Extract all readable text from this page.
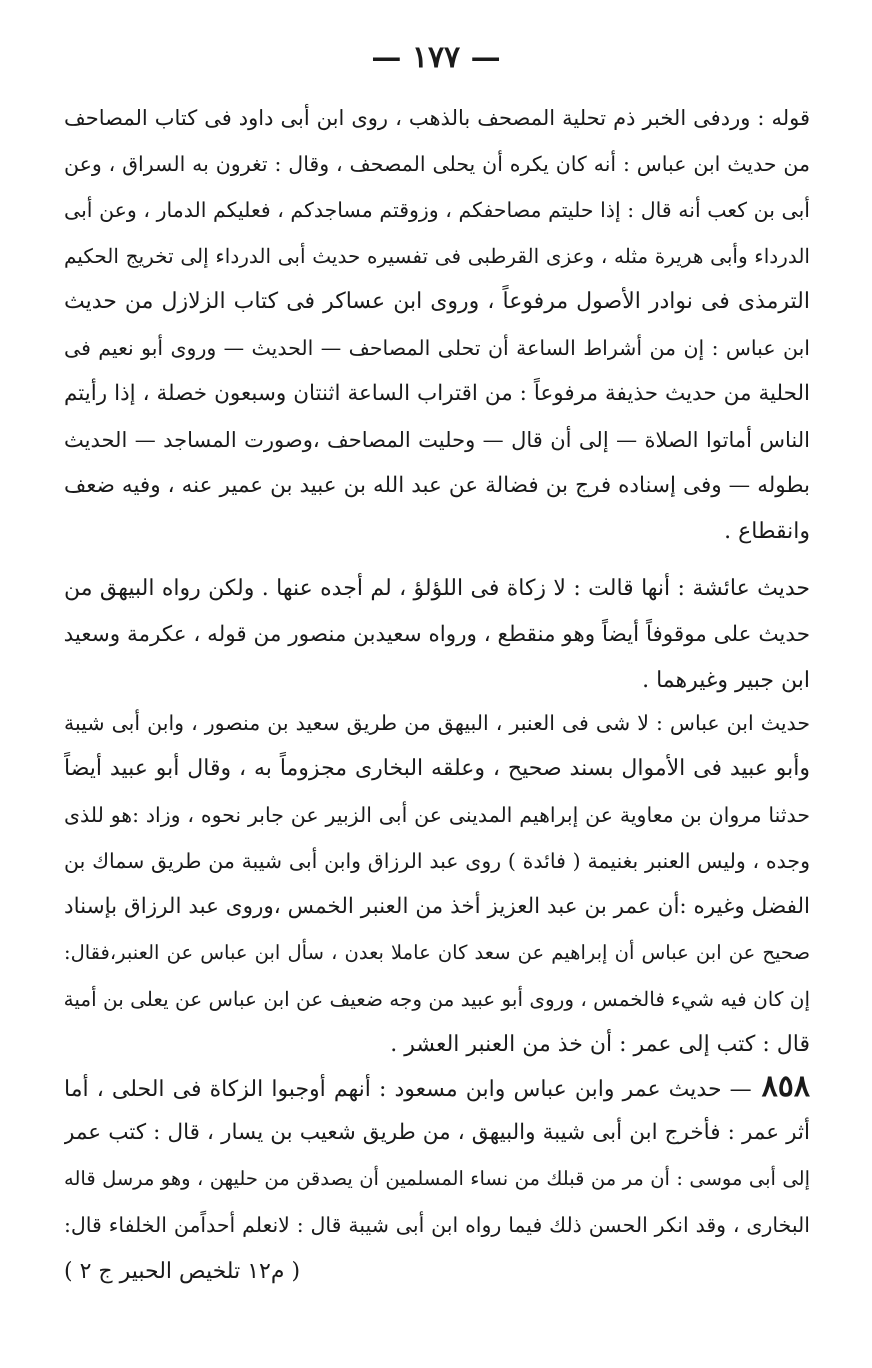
— ١٧٧ —
قوله : وردفى الخبر ذم تحلية المصحف بالذهب ، روى ابن أبى داود فى كتاب المصاحف
من حديث ابن عباس : أنه كان يكره أن يحلى المصحف ، وقال : تغرون به السراق ، وعن
أبى بن كعب أنه قال : إذا حليتم مصاحفكم ، وزوقتم مساجدكم ، فعليكم الدمار ، وعن أبى
الدرداء وأبى هريرة مثله ، وعزى القرطبى فى تفسيره حديث أبى الدرداء إلى تخريج الحكيم
الترمذى فى نوادر الأصول مرفوعاً ، وروى ابن عساكر فى كتاب الزلازل من حديث
ابن عباس : إن من أشراط الساعة أن تحلى المصاحف — الحديث — وروى أبو نعيم فى
الحلية من حديث حذيفة مرفوعاً : من اقتراب الساعة اثنتان وسبعون خصلة ، إذا رأيتم
الناس أماتوا الصلاة — إلى أن قال — وحليت المصاحف ،وصورت المساجد — الحديث
بطوله — وفى إسناده فرج بن فضالة عن عبد الله بن عبيد بن عمير عنه ، وفيه ضعف
وانقطاع .
حديث عائشة : أنها قالت : لا زكاة فى اللؤلؤ ، لم أجده عنها . ولكن رواه البيهق من
حديث على موقوفاً أيضاً وهو منقطع ، ورواه سعيدبن منصور من قوله ، عكرمة وسعيد
ابن جبير وغيرهما .
حديث ابن عباس : لا شى فى العنبر ، البيهق من طريق سعيد بن منصور ، وابن أبى شيبة
وأبو عبيد فى الأموال بسند صحيح ، وعلقه البخارى مجزوماً به ، وقال أبو عبيد أيضاً
حدثنا مروان بن معاوية عن إبراهيم المدينى عن أبى الزبير عن جابر نحوه ، وزاد :هو للذى
وجده ، وليس العنبر بغنيمة ( فائدة ) روى عبد الرزاق وابن أبى شيبة من طريق سماك بن
الفضل وغيره :أن عمر بن عبد العزيز أخذ من العنبر الخمس ،وروى عبد الرزاق بإسناد
صحيح عن ابن عباس أن إبراهيم عن سعد كان عاملا بعدن ، سأل ابن عباس عن العنبر،فقال:
إن كان فيه شيء فالخمس ، وروى أبو عبيد من وجه ضعيف عن ابن عباس عن يعلى بن أمية
قال : كتب إلى عمر : أن خذ من العنبر العشر .
٨٥٨— حديث عمر وابن عباس وابن مسعود : أنهم أوجبوا الزكاة فى الحلى ، أما
أثر عمر : فأخرج ابن أبى شيبة والبيهق ، من طريق شعيب بن يسار ، قال : كتب عمر
إلى أبى موسى : أن مر من قبلك من نساء المسلمين أن يصدقن من حليهن ، وهو مرسل قاله
البخارى ، وقد انكر الحسن ذلك فيما رواه ابن أبى شيبة قال : لانعلم أحداًمن الخلفاء قال:
( م١٢ تلخيص الحبير ج ٢ )
